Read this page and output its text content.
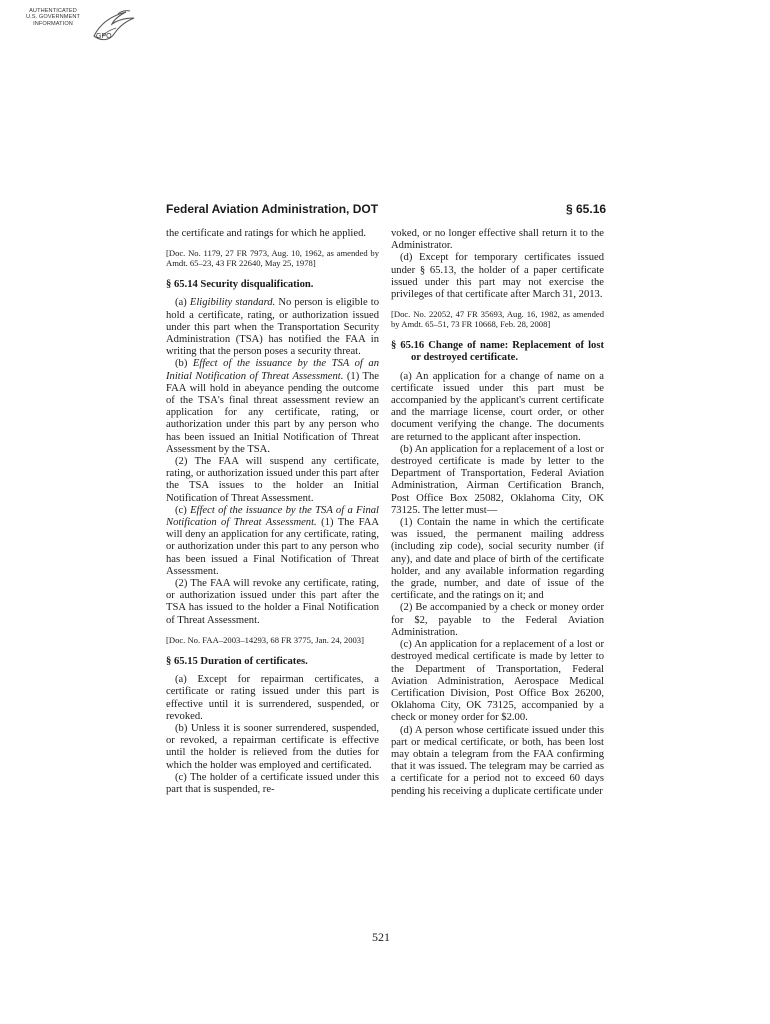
AUTHENTICATED
U.S. GOVERNMENT
INFORMATION
GPO
Federal Aviation Administration, DOT	§ 65.16

the certificate and ratings for which he applied.

[Doc. No. 1179, 27 FR 7973, Aug. 10, 1962, as amended by Amdt. 65–23, 43 FR 22640, May 25, 1978]

§ 65.14 Security disqualification.

(a) Eligibility standard. No person is eligible to hold a certificate, rating, or authorization issued under this part when the Transportation Security Administration (TSA) has notified the FAA in writing that the person poses a security threat.

(b) Effect of the issuance by the TSA of an Initial Notification of Threat Assessment. (1) The FAA will hold in abeyance pending the outcome of the TSA's final threat assessment review an application for any certificate, rating, or authorization under this part by any person who has been issued an Initial Notification of Threat Assessment by the TSA.

(2) The FAA will suspend any certificate, rating, or authorization issued under this part after the TSA issues to the holder an Initial Notification of Threat Assessment.

(c) Effect of the issuance by the TSA of a Final Notification of Threat Assessment. (1) The FAA will deny an application for any certificate, rating, or authorization under this part to any person who has been issued a Final Notification of Threat Assessment.

(2) The FAA will revoke any certificate, rating, or authorization issued under this part after the TSA has issued to the holder a Final Notification of Threat Assessment.

[Doc. No. FAA–2003–14293, 68 FR 3775, Jan. 24, 2003]

§ 65.15 Duration of certificates.

(a) Except for repairman certificates, a certificate or rating issued under this part is effective until it is surrendered, suspended, or revoked.

(b) Unless it is sooner surrendered, suspended, or revoked, a repairman certificate is effective until the holder is relieved from the duties for which the holder was employed and certificated.

(c) The holder of a certificate issued under this part that is suspended, re-

voked, or no longer effective shall return it to the Administrator.

(d) Except for temporary certificates issued under § 65.13, the holder of a paper certificate issued under this part may not exercise the privileges of that certificate after March 31, 2013.

[Doc. No. 22052, 47 FR 35693, Aug. 16, 1982, as amended by Amdt. 65–51, 73 FR 10668, Feb. 28, 2008]

§ 65.16 Change of name: Replacement of lost or destroyed certificate.

(a) An application for a change of name on a certificate issued under this part must be accompanied by the applicant's current certificate and the marriage license, court order, or other document verifying the change. The documents are returned to the applicant after inspection.

(b) An application for a replacement of a lost or destroyed certificate is made by letter to the Department of Transportation, Federal Aviation Administration, Airman Certification Branch, Post Office Box 25082, Oklahoma City, OK 73125. The letter must—

(1) Contain the name in which the certificate was issued, the permanent mailing address (including zip code), social security number (if any), and date and place of birth of the certificate holder, and any available information regarding the grade, number, and date of issue of the certificate, and the ratings on it; and

(2) Be accompanied by a check or money order for $2, payable to the Federal Aviation Administration.

(c) An application for a replacement of a lost or destroyed medical certificate is made by letter to the Department of Transportation, Federal Aviation Administration, Aerospace Medical Certification Division, Post Office Box 26200, Oklahoma City, OK 73125, accompanied by a check or money order for $2.00.

(d) A person whose certificate issued under this part or medical certificate, or both, has been lost may obtain a telegram from the FAA confirming that it was issued. The telegram may be carried as a certificate for a period not to exceed 60 days pending his receiving a duplicate certificate under

521
